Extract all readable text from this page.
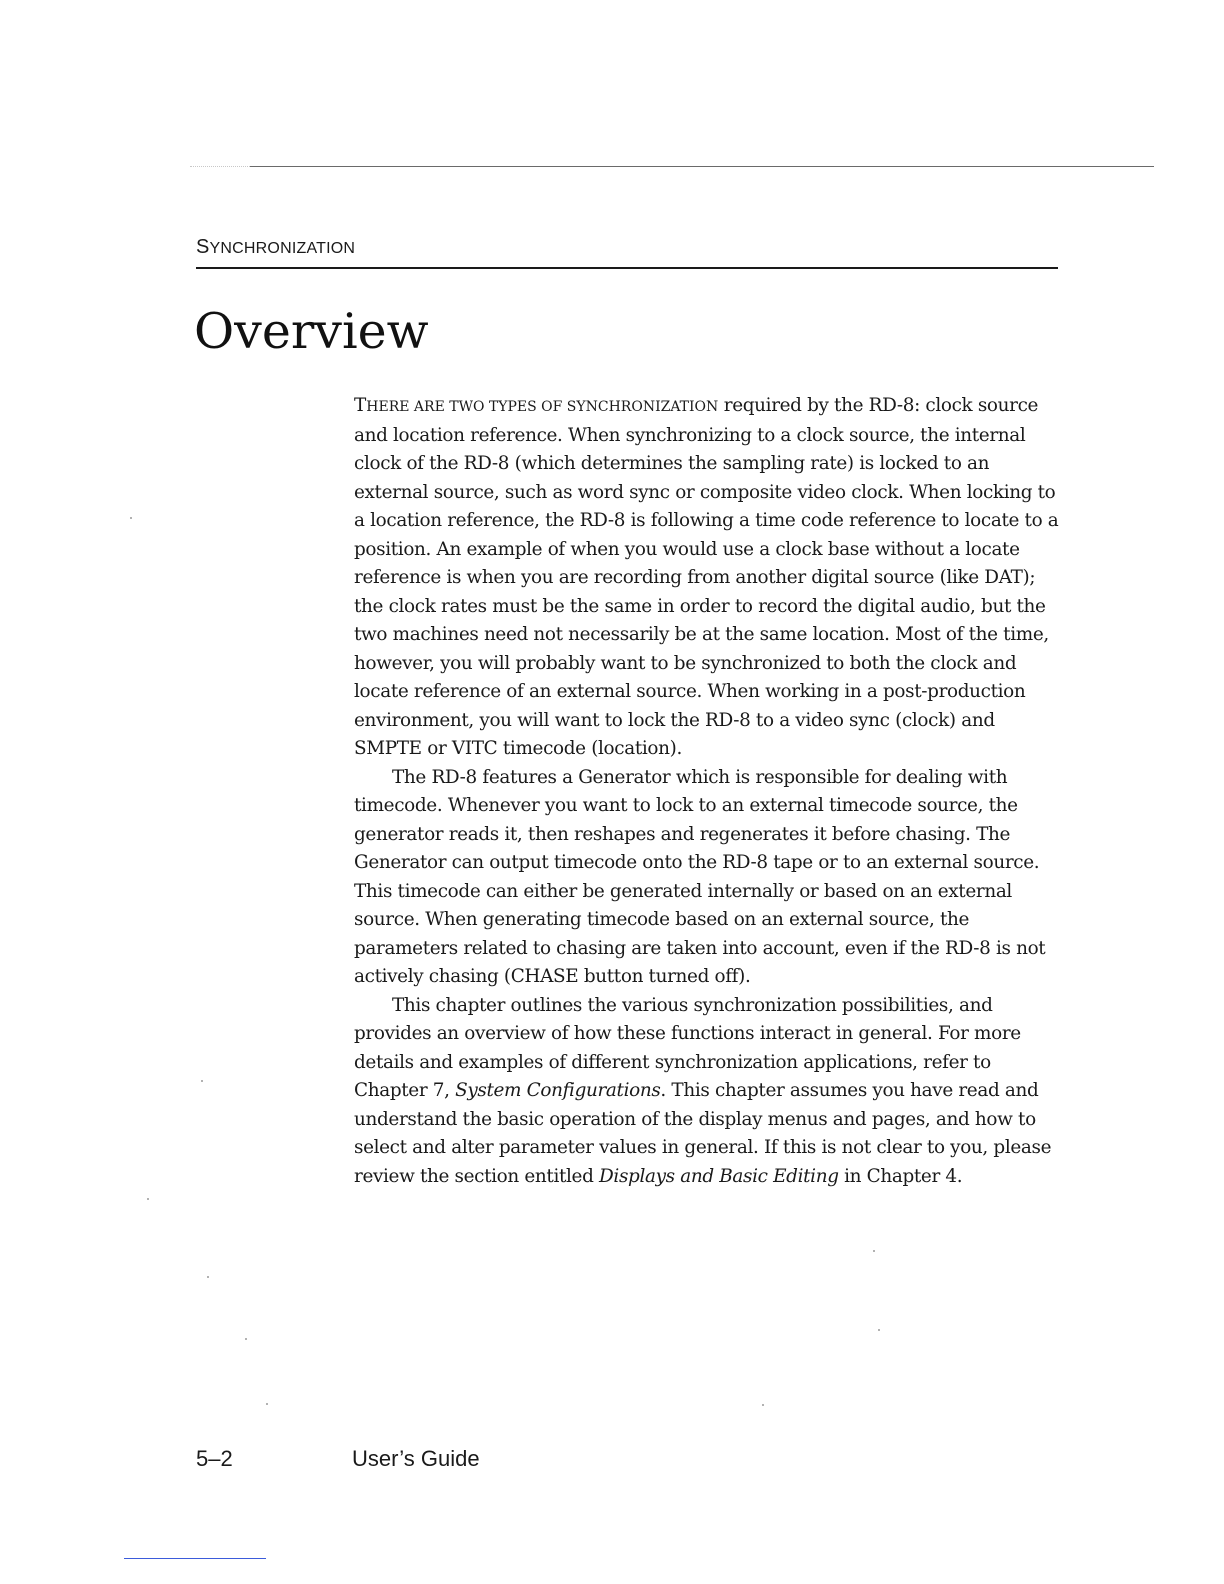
SYNCHRONIZATION

Overview

THERE ARE TWO TYPES OF SYNCHRONIZATION required by the RD-8: clock source and location reference. When synchronizing to a clock source, the internal clock of the RD-8 (which determines the sampling rate) is locked to an external source, such as word sync or composite video clock. When locking to a location reference, the RD-8 is following a time code reference to locate to a position. An example of when you would use a clock base without a locate reference is when you are recording from another digital source (like DAT); the clock rates must be the same in order to record the digital audio, but the two machines need not necessarily be at the same location. Most of the time, however, you will probably want to be synchronized to both the clock and locate reference of an external source. When working in a post-production environment, you will want to lock the RD-8 to a video sync (clock) and SMPTE or VITC timecode (location).

The RD-8 features a Generator which is responsible for dealing with timecode. Whenever you want to lock to an external timecode source, the generator reads it, then reshapes and regenerates it before chasing. The Generator can output timecode onto the RD-8 tape or to an external source. This timecode can either be generated internally or based on an external source. When generating timecode based on an external source, the parameters related to chasing are taken into account, even if the RD-8 is not actively chasing (CHASE button turned off).

This chapter outlines the various synchronization possibilities, and provides an overview of how these functions interact in general. For more details and examples of different synchronization applications, refer to Chapter 7, System Configurations. This chapter assumes you have read and understand the basic operation of the display menus and pages, and how to select and alter parameter values in general. If this is not clear to you, please review the section entitled Displays and Basic Editing in Chapter 4.

5–2	User’s Guide
